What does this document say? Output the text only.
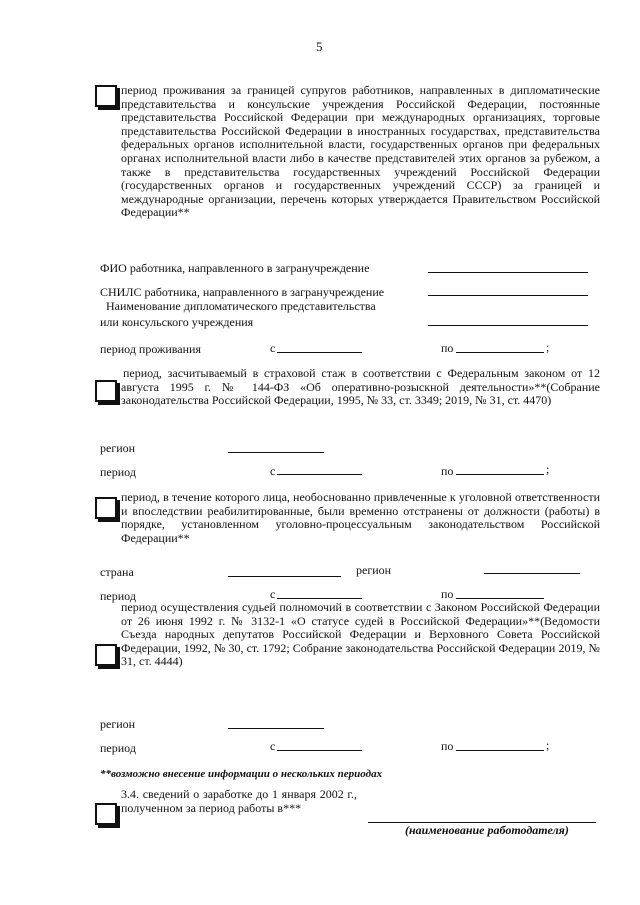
5
период проживания за границей супругов работников, направленных в дипломатические представительства и консульские учреждения Российской Федерации, постоянные представительства Российской Федерации при международных организациях, торговые представительства Российской Федерации в иностранных государствах, представительства федеральных органов исполнительной власти, государственных органов при федеральных органах исполнительной власти либо в качестве представителей этих органов за рубежом, а также в представительства государственных учреждений Российской Федерации (государственных органов и государственных учреждений СССР) за границей и международные организации, перечень которых утверждается Правительством Российской Федерации**
ФИО работника, направленного в загранучреждение
СНИЛС работника, направленного в загранучреждение
Наименование дипломатического представительства
или консульского учреждения
период проживания	с	по	;
период, засчитываемый в страховой стаж в соответствии с Федеральным законом от 12 августа 1995 г. № 144-ФЗ «Об оперативно-розыскной деятельности»**(Собрание законодательства Российской Федерации, 1995, № 33, ст. 3349; 2019, № 31, ст. 4470)
регион
период	с	по	;
период, в течение которого лица, необоснованно привлеченные к уголовной ответственности и впоследствии реабилитированные, были временно отстранены от должности (работы) в порядке, установленном уголовно-процессуальным законодательством Российской Федерации**
страна	регион
период	с	по
период осуществления судьей полномочий в соответствии с Законом Российской Федерации от 26 июня 1992 г. № 3132-1 «О статусе судей в Российской Федерации»**(Ведомости Съезда народных депутатов Российской Федерации и Верховного Совета Российской Федерации, 1992, № 30, ст. 1792; Собрание законодательства Российской Федерации 2019, № 31, ст. 4444)
регион
период	с	по	;
**возможно внесение информации о нескольких периодах
3.4. сведений о заработке до 1 января 2002 г., полученном за период работы в***
(наименование работодателя)
